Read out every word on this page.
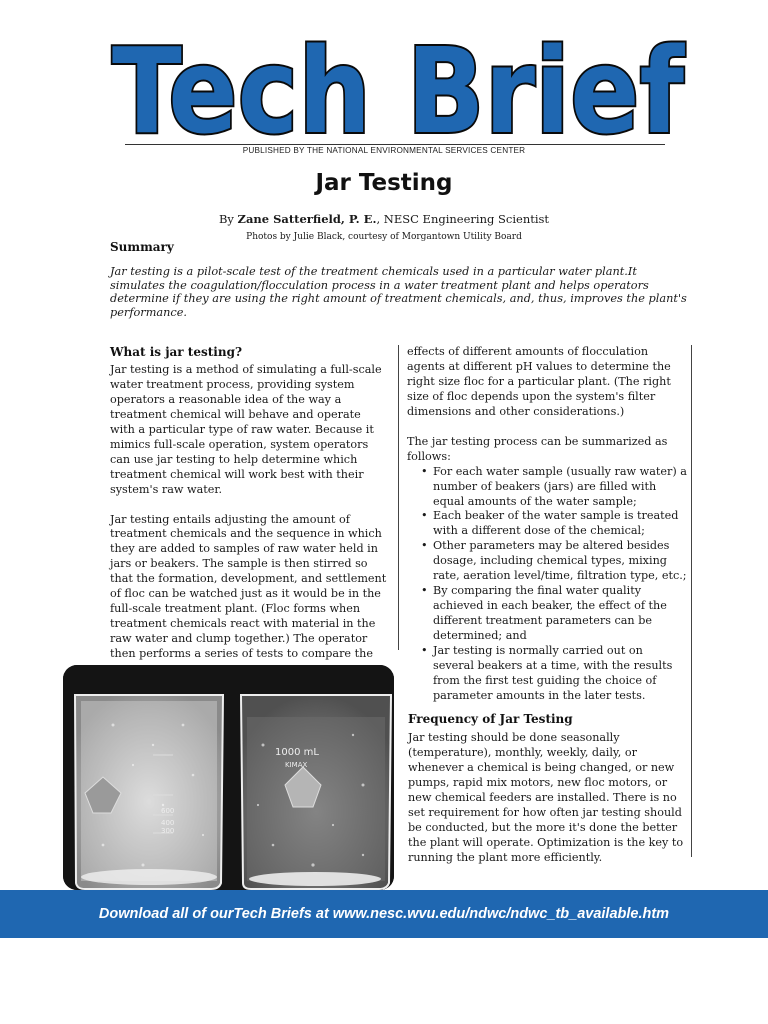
Tech Brief
PUBLISHED BY THE NATIONAL ENVIRONMENTAL SERVICES CENTER
Jar Testing
By Zane Satterfield, P. E., NESC Engineering Scientist
Photos by Julie Black, courtesy of Morgantown Utility Board
Summary
Jar testing is a pilot-scale test of the treatment chemicals used in a particular water plant.It simulates the coagulation/flocculation process in a water treatment plant and helps operators determine if they are using the right amount of treatment chemicals, and, thus, improves the plant's performance.
What is jar testing?

Jar testing is a method of simulating a full-scale water treatment process, providing system operators a reasonable idea of the way a treatment chemical will behave and operate with a particular type of raw water. Because it mimics full-scale operation, system operators can use jar testing to help determine which treatment chemical will work best with their system's raw water.

Jar testing entails adjusting the amount of treatment chemicals and the sequence in which they are added to samples of raw water held in jars or beakers. The sample is then stirred so that the formation, development, and settlement of floc can be watched just as it would be in the full-scale treatment plant. (Floc forms when treatment chemicals react with material in the raw water and clump together.) The operator then performs a series of tests to compare the

effects of different amounts of flocculation agents at different pH values to determine the right size floc for a particular plant. (The right size of floc depends upon the system's filter dimensions and other considerations.)

The jar testing process can be summarized as follows:

• For each water sample (usually raw water) a number of beakers (jars) are filled with equal amounts of the water sample;
• Each beaker of the water sample is treated with a different dose of the chemical;
• Other parameters may be altered besides dosage, including chemical types, mixing rate, aeration level/time, filtration type, etc.;
• By comparing the final water quality achieved in each beaker, the effect of the different treatment parameters can be determined; and
• Jar testing is normally carried out on several beakers at a time, with the results from the first test guiding the choice of parameter amounts in the later tests.
Frequency of Jar Testing
Jar testing should be done seasonally (temperature), monthly, weekly, daily, or whenever a chemical is being changed, or new pumps, rapid mix motors, new floc motors, or new chemical feeders are installed. There is no set requirement for how often jar testing should be conducted, but the more it's done the better the plant will operate. Optimization is the key to running the plant more efficiently.
600
400
300
1000 mL
KIMAX
Download all of ourTech Briefs at www.nesc.wvu.edu/ndwc/ndwc_tb_available.htm
